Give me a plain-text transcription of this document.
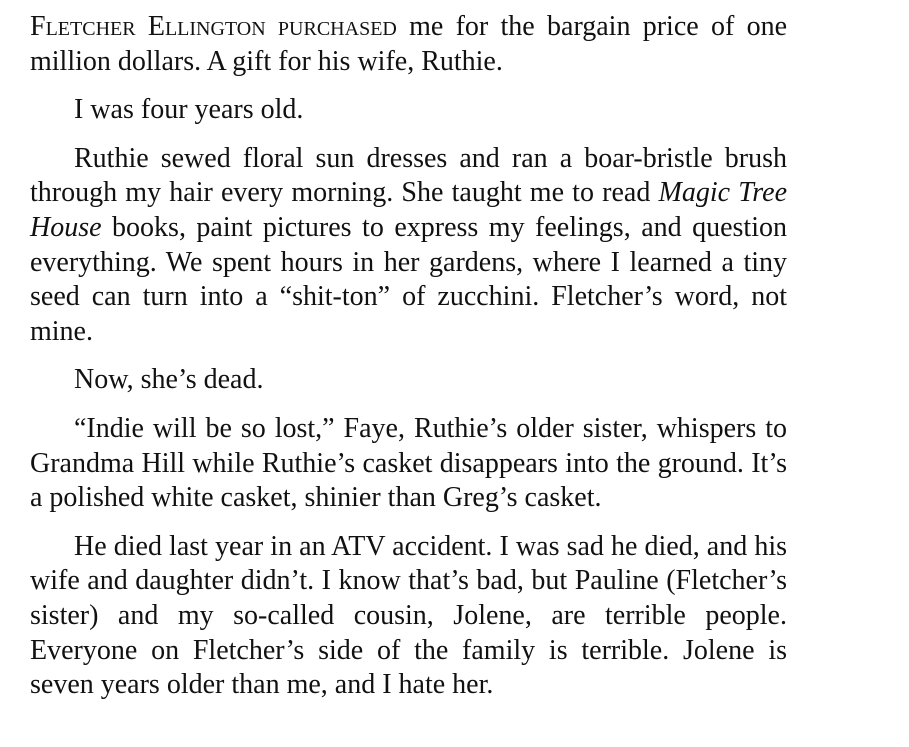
Fletcher Ellington purchased me for the bargain price of one million dollars. A gift for his wife, Ruthie.

I was four years old.

Ruthie sewed floral sun dresses and ran a boar-bristle brush through my hair every morning. She taught me to read Magic Tree House books, paint pictures to express my feelings, and question everything. We spent hours in her gardens, where I learned a tiny seed can turn into a “shit-ton” of zucchini. Fletcher’s word, not mine.

Now, she’s dead.

“Indie will be so lost,” Faye, Ruthie’s older sister, whispers to Grandma Hill while Ruthie’s casket disappears into the ground. It’s a polished white casket, shinier than Greg’s casket.

He died last year in an ATV accident. I was sad he died, and his wife and daughter didn’t. I know that’s bad, but Pauline (Fletcher’s sister) and my so-called cousin, Jolene, are terrible people. Everyone on Fletcher’s side of the family is terrible. Jolene is seven years older than me, and I hate her.
